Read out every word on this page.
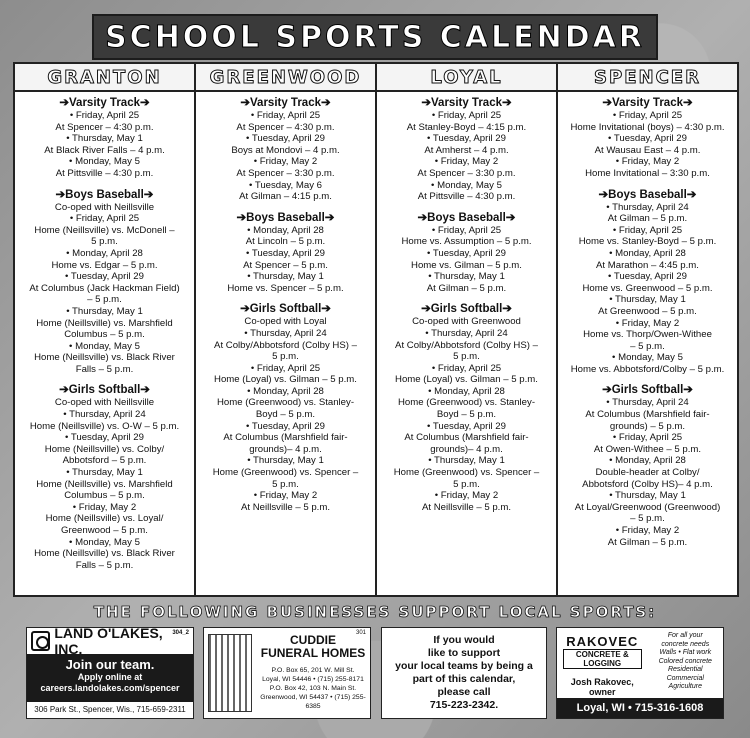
SCHOOL SPORTS CALENDAR
GRANTON
➔Varsity Track➔
• Friday, April 25
At Spencer – 4:30 p.m.
• Thursday, May 1
At Black River Falls – 4 p.m.
• Monday, May 5
At Pittsville – 4:30 p.m.
➔Boys Baseball➔
Co-oped with Neillsville
• Friday, April 25
Home (Neillsville) vs. McDonell –
5 p.m.
• Monday, April 28
Home vs. Edgar – 5 p.m.
• Tuesday, April 29
At Columbus (Jack Hackman Field)
– 5 p.m.
• Thursday, May 1
Home (Neillsville) vs. Marshfield
Columbus – 5 p.m.
• Monday, May 5
Home (Neillsville) vs. Black River
Falls – 5 p.m.
➔Girls Softball➔
Co-oped with Neillsville
• Thursday, April 24
Home (Neillsville) vs. O-W – 5 p.m.
• Tuesday, April 29
Home (Neillsville) vs. Colby/
Abbotsford – 5 p.m.
• Thursday, May 1
Home (Neillsville) vs. Marshfield
Columbus – 5 p.m.
• Friday, May 2
Home (Neillsville) vs. Loyal/
Greenwood – 5 p.m.
• Monday, May 5
Home (Neillsville) vs. Black River
Falls – 5 p.m.
GREENWOOD
➔Varsity Track➔
• Friday, April 25
At Spencer – 4:30 p.m.
• Tuesday, April 29
Boys at Mondovi – 4 p.m.
• Friday, May 2
At Spencer – 3:30 p.m.
• Tuesday, May 6
At Gilman – 4:15 p.m.
➔Boys Baseball➔
• Monday, April 28
At Lincoln – 5 p.m.
• Tuesday, April 29
At Spencer – 5 p.m.
• Thursday, May 1
Home vs. Spencer – 5 p.m.
➔Girls Softball➔
Co-oped with Loyal
• Thursday, April 24
At Colby/Abbotsford (Colby HS) –
5 p.m.
• Friday, April 25
Home (Loyal) vs. Gilman – 5 p.m.
• Monday, April 28
Home (Greenwood) vs. Stanley-
Boyd – 5 p.m.
• Tuesday, April 29
At Columbus (Marshfield fair-
grounds)– 4 p.m.
• Thursday, May 1
Home (Greenwood) vs. Spencer –
5 p.m.
• Friday, May 2
At Neillsville – 5 p.m.
LOYAL
➔Varsity Track➔
• Friday, April 25
At Stanley-Boyd – 4:15 p.m.
• Tuesday, April 29
At Amherst – 4 p.m.
• Friday, May 2
At Spencer – 3:30 p.m.
• Monday, May 5
At Pittsville – 4:30 p.m.
➔Boys Baseball➔
• Friday, April 25
Home vs. Assumption – 5 p.m.
• Tuesday, April 29
Home vs. Gilman – 5 p.m.
• Thursday, May 1
At Gilman – 5 p.m.
➔Girls Softball➔
Co-oped with Greenwood
• Thursday, April 24
At Colby/Abbotsford (Colby HS) –
5 p.m.
• Friday, April 25
Home (Loyal) vs. Gilman – 5 p.m.
• Monday, April 28
Home (Greenwood) vs. Stanley-
Boyd – 5 p.m.
• Tuesday, April 29
At Columbus (Marshfield fair-
grounds)– 4 p.m.
• Thursday, May 1
Home (Greenwood) vs. Spencer –
5 p.m.
• Friday, May 2
At Neillsville – 5 p.m.
SPENCER
➔Varsity Track➔
• Friday, April 25
Home Invitational (boys) – 4:30 p.m.
• Tuesday, April 29
At Wausau East – 4 p.m.
• Friday, May 2
Home Invitational – 3:30 p.m.
➔Boys Baseball➔
• Thursday, April 24
At Gilman – 5 p.m.
• Friday, April 25
Home vs. Stanley-Boyd – 5 p.m.
• Monday, April 28
At Marathon – 4:45 p.m.
• Tuesday, April 29
Home vs. Greenwood – 5 p.m.
• Thursday, May 1
At Greenwood – 5 p.m.
• Friday, May 2
Home vs. Thorp/Owen-Withee
– 5 p.m.
• Monday, May 5
Home vs. Abbotsford/Colby – 5 p.m.
➔Girls Softball➔
• Thursday, April 24
At Columbus (Marshfield fair-
grounds) – 5 p.m.
• Friday, April 25
At Owen-Withee – 5 p.m.
• Monday, April 28
Double-header at Colby/
Abbotsford (Colby HS)– 4 p.m.
• Thursday, May 1
At Loyal/Greenwood (Greenwood)
– 5 p.m.
• Friday, May 2
At Gilman – 5 p.m.
THE FOLLOWING BUSINESSES SUPPORT LOCAL SPORTS:
LAND O'LAKES, INC.
304_2
Join our team.
Apply online at
careers.landolakes.com/spencer
306 Park St., Spencer, Wis., 715-659-2311
CUDDIE
FUNERAL HOMES
P.O. Box 65, 201 W. Mill St.
Loyal, WI 54446 • (715) 255-8171
P.O. Box 42, 103 N. Main St.
Greenwood, WI 54437 • (715) 255-6385
301
If you would
like to support
your local teams by being a
part of this calendar,
please call
715-223-2342.
RAKOVEC
CONCRETE & LOGGING
Josh Rakovec, owner
For all your
concrete needs
Walls • Flat work
Colored concrete
Residential
Commercial
Agriculture
Loyal, WI • 715-316-1608
